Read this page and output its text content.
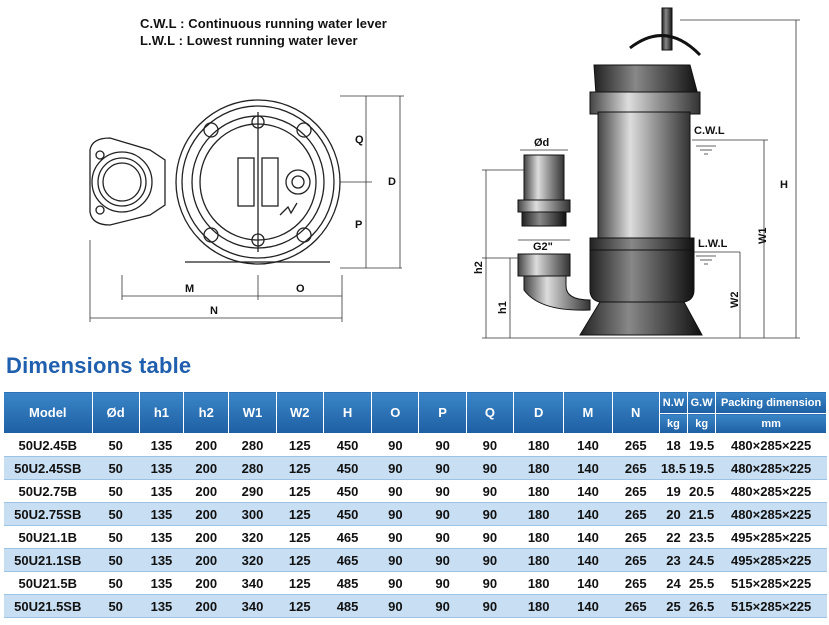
C.W.L : Continuous running water lever
L.W.L : Lowest running water lever
Q
D
P
M	O
N
Ød
G2"
h2
h1
C.W.L
L.W.L
H
W1
W2
Dimensions table
Model	Ød	h1	h2	W1	W2	H	O	P	Q	D	M	N	N.W	G.W	Packing dimension
													kg	kg	mm
50U2.45B	50	135	200	280	125	450	90	90	90	180	140	265	18	19.5	480×285×225
50U2.45SB	50	135	200	280	125	450	90	90	90	180	140	265	18.5	19.5	480×285×225
50U2.75B	50	135	200	290	125	450	90	90	90	180	140	265	19	20.5	480×285×225
50U2.75SB	50	135	200	300	125	450	90	90	90	180	140	265	20	21.5	480×285×225
50U21.1B	50	135	200	320	125	465	90	90	90	180	140	265	22	23.5	495×285×225
50U21.1SB	50	135	200	320	125	465	90	90	90	180	140	265	23	24.5	495×285×225
50U21.5B	50	135	200	340	125	485	90	90	90	180	140	265	24	25.5	515×285×225
50U21.5SB	50	135	200	340	125	485	90	90	90	180	140	265	25	26.5	515×285×225
